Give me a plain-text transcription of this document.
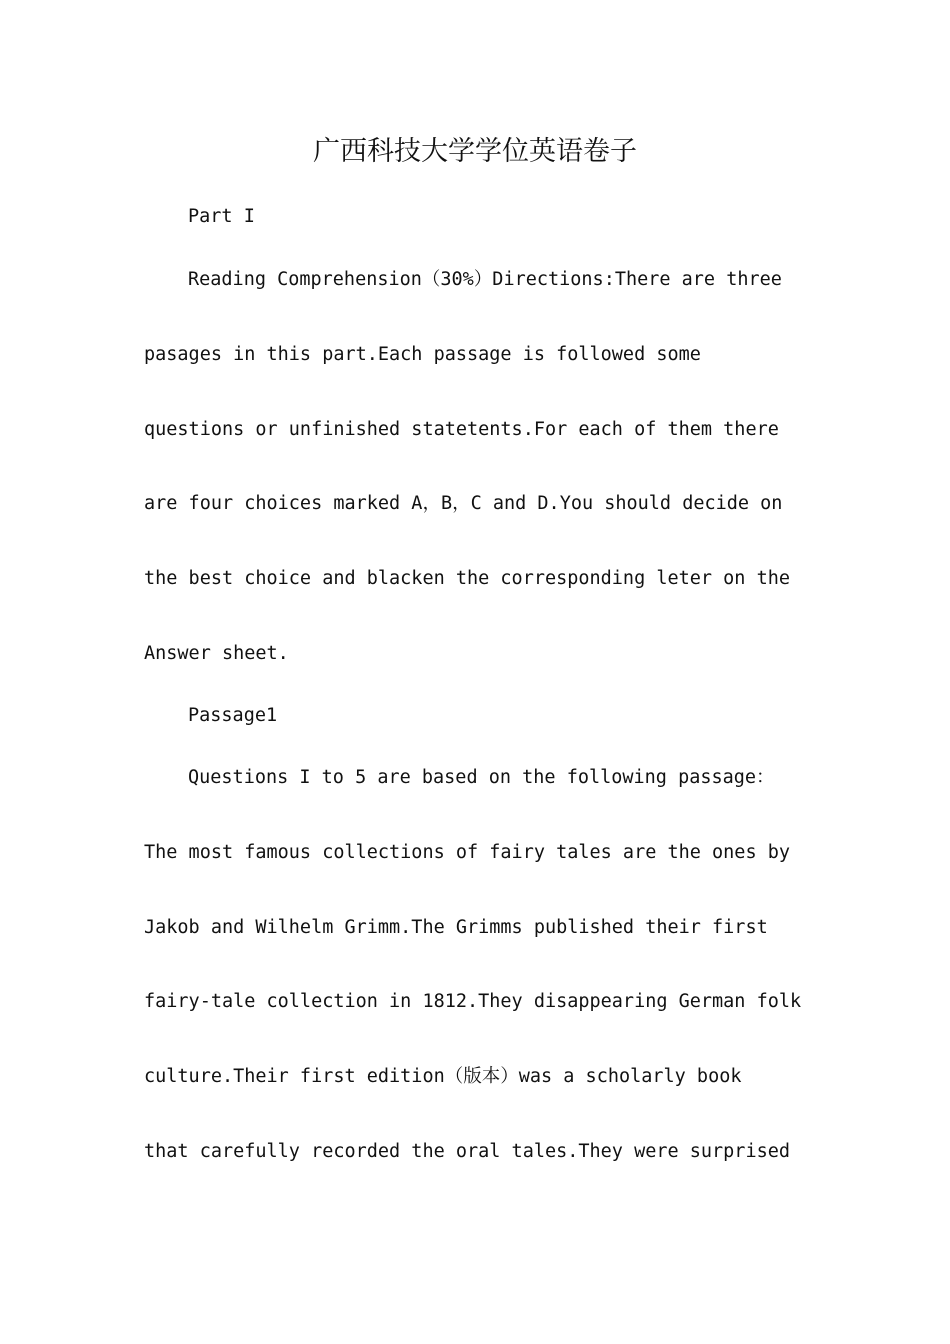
广西科技大学学位英语卷子
Part I
Reading Comprehension（30%）Directions:There are three
pasages in this part.Each passage is followed some
questions or unfinished statetents.For each of them there
are four choices marked A，B，C and D.You should decide on
the best choice and blacken the corresponding leter on the
Answer sheet.
Passage1
Questions I to 5 are based on the following passage：
The most famous collections of fairy tales are the ones by
Jakob and Wilhelm Grimm.The Grimms published their first
fairy-tale collection in 1812.They disappearing German folk
culture.Their first edition（版本）was a scholarly book
that carefully recorded the oral tales.They were surprised
